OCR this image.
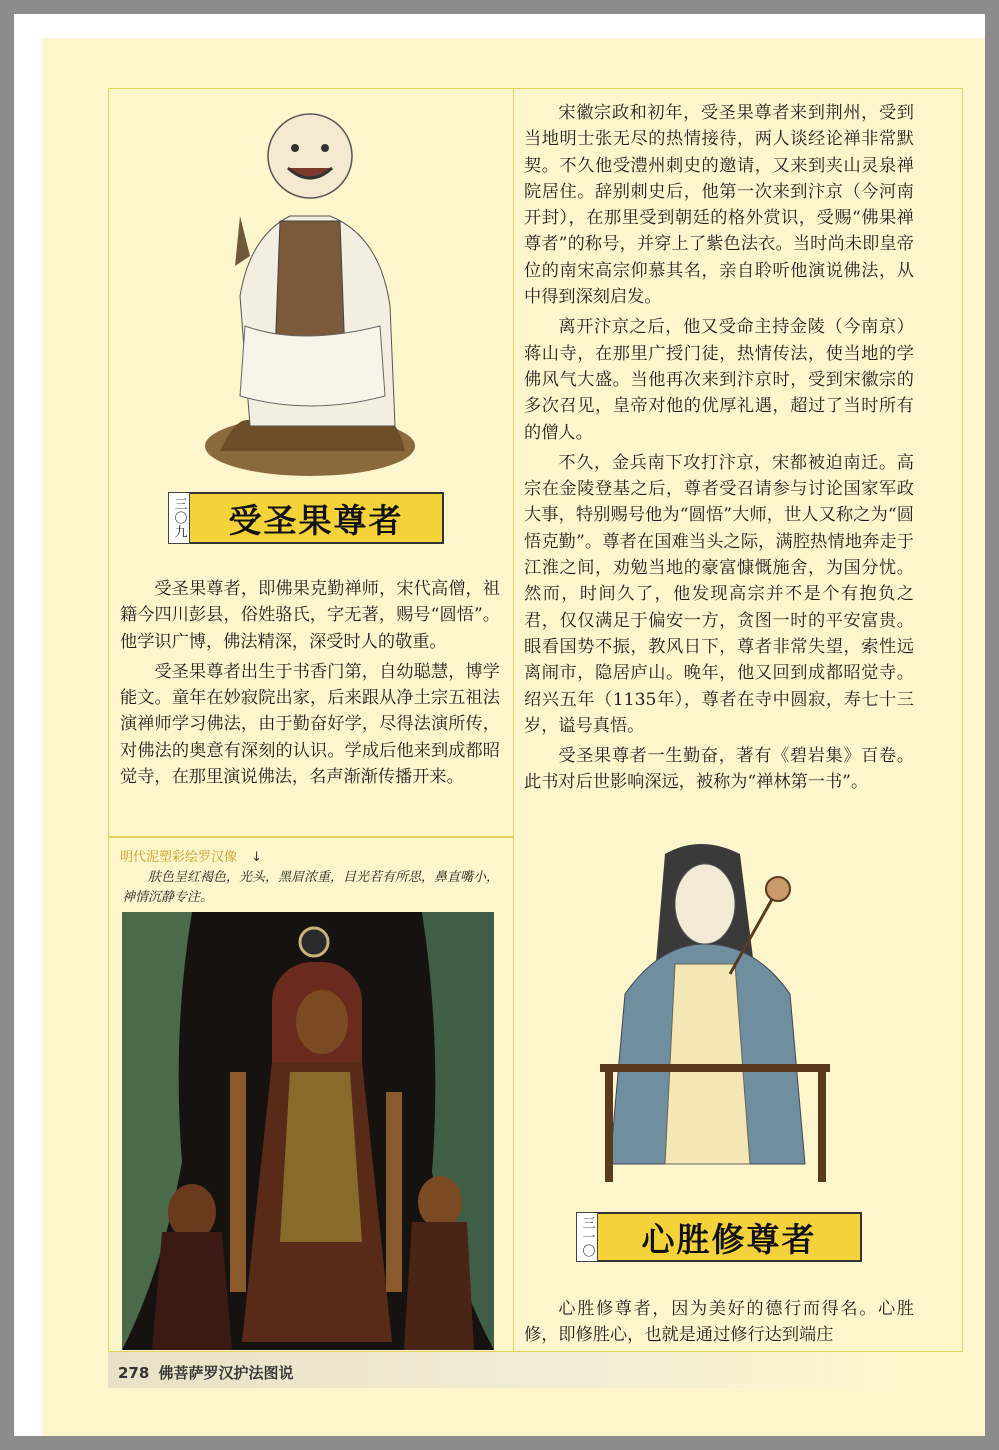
三〇九	受圣果尊者

受圣果尊者，即佛果克勤禅师，宋代高僧，祖籍今四川彭县，俗姓骆氏，字无著，赐号“圆悟”。他学识广博，佛法精深，深受时人的敬重。

受圣果尊者出生于书香门第，自幼聪慧，博学能文。童年在妙寂院出家，后来跟从净土宗五祖法演禅师学习佛法，由于勤奋好学，尽得法演所传，对佛法的奥意有深刻的认识。学成后他来到成都昭觉寺，在那里演说佛法，名声渐渐传播开来。

明代泥塑彩绘罗汉像 ↓
肤色呈红褐色，光头，黑眉浓重，目光若有所思，鼻直嘴小，神情沉静专注。

宋徽宗政和初年，受圣果尊者来到荆州，受到当地明士张无尽的热情接待，两人谈经论禅非常默契。不久他受澧州刺史的邀请，又来到夹山灵泉禅院居住。辞别刺史后，他第一次来到汴京（今河南开封），在那里受到朝廷的格外赏识，受赐“佛果禅尊者”的称号，并穿上了紫色法衣。当时尚未即皇帝位的南宋高宗仰慕其名，亲自聆听他演说佛法，从中得到深刻启发。

离开汴京之后，他又受命主持金陵（今南京）蒋山寺，在那里广授门徒，热情传法，使当地的学佛风气大盛。当他再次来到汴京时，受到宋徽宗的多次召见，皇帝对他的优厚礼遇，超过了当时所有的僧人。

不久，金兵南下攻打汴京，宋都被迫南迁。高宗在金陵登基之后，尊者受召请参与讨论国家军政大事，特别赐号他为“圆悟”大师，世人又称之为“圆悟克勤”。尊者在国难当头之际，满腔热情地奔走于江淮之间，劝勉当地的豪富慷慨施舍，为国分忧。然而，时间久了，他发现高宗并不是个有抱负之君，仅仅满足于偏安一方，贪图一时的平安富贵。眼看国势不振，教风日下，尊者非常失望，索性远离闹市，隐居庐山。晚年，他又回到成都昭觉寺。绍兴五年（1135年），尊者在寺中圆寂，寿七十三岁，谥号真悟。

受圣果尊者一生勤奋，著有《碧岩集》百卷。此书对后世影响深远，被称为“禅林第一书”。

三一〇	心胜修尊者

心胜修尊者，因为美好的德行而得名。心胜修，即修胜心，也就是通过修行达到端庄

278 佛菩萨罗汉护法图说
